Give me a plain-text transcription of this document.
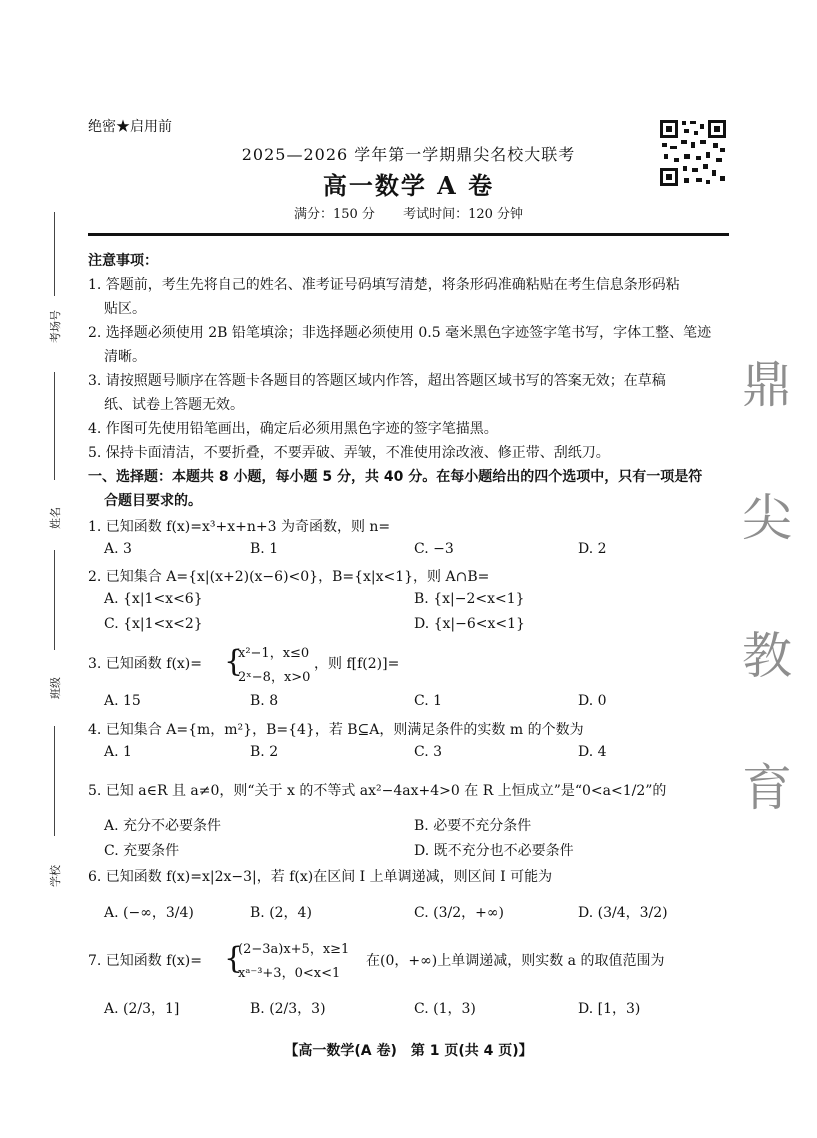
绝密★启用前
2025—2026 学年第一学期鼎尖名校大联考
高一数学 A 卷
满分：150 分 考试时间：120 分钟
考场号
姓名
班级
学校
鼎
尖
教
育
注意事项：
1. 答题前，考生先将自己的姓名、准考证号码填写清楚，将条形码准确粘贴在考生信息条形码粘
贴区。
2. 选择题必须使用 2B 铅笔填涂；非选择题必须使用 0.5 毫米黑色字迹签字笔书写，字体工整、笔迹
清晰。
3. 请按照题号顺序在答题卡各题目的答题区域内作答，超出答题区域书写的答案无效；在草稿
纸、试卷上答题无效。
4. 作图可先使用铅笔画出，确定后必须用黑色字迹的签字笔描黑。
5. 保持卡面清洁，不要折叠，不要弄破、弄皱，不准使用涂改液、修正带、刮纸刀。
一、选择题：本题共 8 小题，每小题 5 分，共 40 分。在每小题给出的四个选项中，只有一项是符
合题目要求的。
1. 已知函数 f(x)=x³+x+n+3 为奇函数，则 n=
A. 3	B. 1	C. −3	D. 2
2. 已知集合 A={x|(x+2)(x−6)<0}，B={x|x<1}，则 A∩B=
A. {x|1<x<6}	B. {x|−2<x<1}
C. {x|1<x<2}	D. {x|−6<x<1}
3. 已知函数 f(x)= {
x²−1，x≤0
2ˣ−8，x>0
，则 f[f(2)]=
A. 15	B. 8	C. 1	D. 0
4. 已知集合 A={m，m²}，B={4}，若 B⊆A，则满足条件的实数 m 的个数为
A. 1	B. 2	C. 3	D. 4
5. 已知 a∈R 且 a≠0，则“关于 x 的不等式 ax²−4ax+4>0 在 R 上恒成立”是“0<a<1/2”的
A. 充分不必要条件	B. 必要不充分条件
C. 充要条件	D. 既不充分也不必要条件
6. 已知函数 f(x)=x|2x−3|，若 f(x)在区间 I 上单调递减，则区间 I 可能为
A. (−∞，3/4)	B. (2，4)	C. (3/2，+∞)	D. (3/4，3/2)
7. 已知函数 f(x)= {
(2−3a)x+5，x≥1
xᵃ⁻³+3，0<x<1
在(0，+∞)上单调递减，则实数 a 的取值范围为
A. (2/3，1]	B. (2/3，3)	C. (1，3)	D. [1，3)
【高一数学(A 卷)　第 1 页(共 4 页)】
